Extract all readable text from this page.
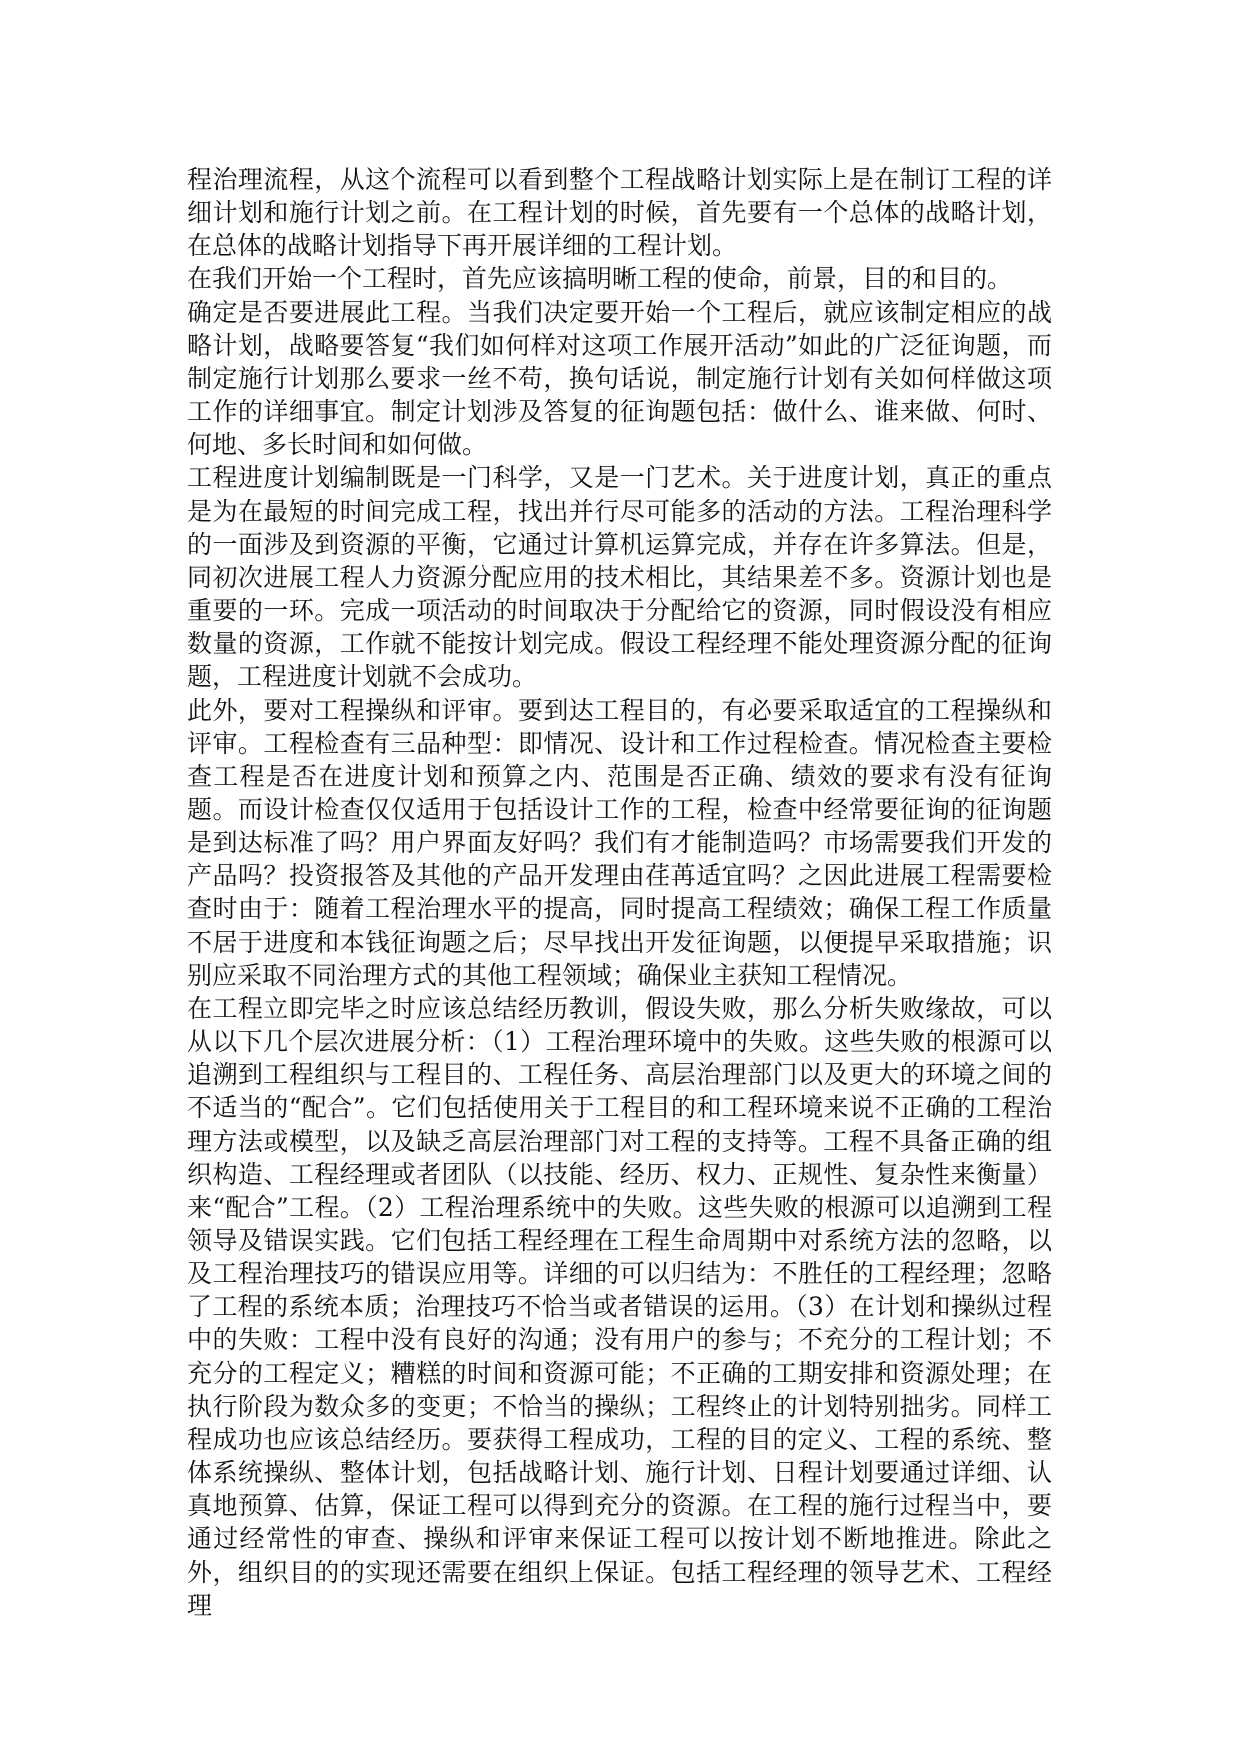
程治理流程，从这个流程可以看到整个工程战略计划实际上是在制订工程的详细计划和施行计划之前。在工程计划的时候，首先要有一个总体的战略计划，在总体的战略计划指导下再开展详细的工程计划。

在我们开始一个工程时，首先应该搞明晰工程的使命，前景，目的和目的。

确定是否要进展此工程。当我们决定要开始一个工程后，就应该制定相应的战略计划，战略要答复“我们如何样对这项工作展开活动”如此的广泛征询题，而制定施行计划那么要求一丝不苟，换句话说，制定施行计划有关如何样做这项工作的详细事宜。制定计划涉及答复的征询题包括：做什么、谁来做、何时、何地、多长时间和如何做。

工程进度计划编制既是一门科学，又是一门艺术。关于进度计划，真正的重点是为在最短的时间完成工程，找出并行尽可能多的活动的方法。工程治理科学的一面涉及到资源的平衡，它通过计算机运算完成，并存在许多算法。但是，同初次进展工程人力资源分配应用的技术相比，其结果差不多。资源计划也是重要的一环。完成一项活动的时间取决于分配给它的资源，同时假设没有相应数量的资源，工作就不能按计划完成。假设工程经理不能处理资源分配的征询题，工程进度计划就不会成功。

此外，要对工程操纵和评审。要到达工程目的，有必要采取适宜的工程操纵和评审。工程检查有三品种型：即情况、设计和工作过程检查。情况检查主要检查工程是否在进度计划和预算之内、范围是否正确、绩效的要求有没有征询题。而设计检查仅仅适用于包括设计工作的工程，检查中经常要征询的征询题是到达标准了吗？用户界面友好吗？我们有才能制造吗？市场需要我们开发的产品吗？投资报答及其他的产品开发理由荏苒适宜吗？之因此进展工程需要检查时由于：随着工程治理水平的提高，同时提高工程绩效；确保工程工作质量不居于进度和本钱征询题之后；尽早找出开发征询题，以便提早采取措施；识别应采取不同治理方式的其他工程领域；确保业主获知工程情况。

在工程立即完毕之时应该总结经历教训，假设失败，那么分析失败缘故，可以从以下几个层次进展分析：（1）工程治理环境中的失败。这些失败的根源可以追溯到工程组织与工程目的、工程任务、高层治理部门以及更大的环境之间的不适当的“配合”。它们包括使用关于工程目的和工程环境来说不正确的工程治理方法或模型，以及缺乏高层治理部门对工程的支持等。工程不具备正确的组织构造、工程经理或者团队（以技能、经历、权力、正规性、复杂性来衡量）来“配合”工程。（2）工程治理系统中的失败。这些失败的根源可以追溯到工程领导及错误实践。它们包括工程经理在工程生命周期中对系统方法的忽略，以及工程治理技巧的错误应用等。详细的可以归结为：不胜任的工程经理；忽略了工程的系统本质；治理技巧不恰当或者错误的运用。（3）在计划和操纵过程中的失败：工程中没有良好的沟通；没有用户的参与；不充分的工程计划；不充分的工程定义；糟糕的时间和资源可能；不正确的工期安排和资源处理；在执行阶段为数众多的变更；不恰当的操纵；工程终止的计划特别拙劣。同样工程成功也应该总结经历。要获得工程成功，工程的目的定义、工程的系统、整体系统操纵、整体计划，包括战略计划、施行计划、日程计划要通过详细、认真地预算、估算，保证工程可以得到充分的资源。在工程的施行过程当中，要通过经常性的审查、操纵和评审来保证工程可以按计划不断地推进。除此之外，组织目的的实现还需要在组织上保证。包括工程经理的领导艺术、工程经理
